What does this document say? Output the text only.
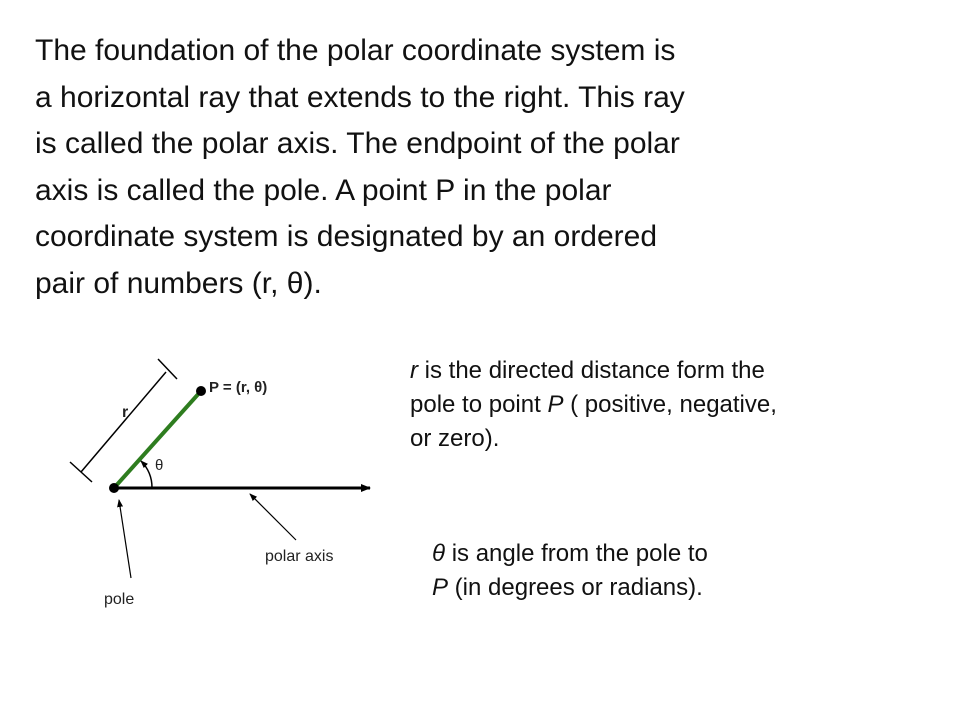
The foundation of the polar coordinate system is
a horizontal ray that extends to the right. This ray
is called the polar axis. The endpoint of the polar
axis is called the pole. A point P in the polar
coordinate system is designated by an ordered
pair of numbers (r, θ).
P = (r, θ)
r
θ
polar axis
pole

r is the directed distance form the
pole to point P ( positive, negative,
or zero).

θ is angle from the pole to
P (in degrees or radians).
